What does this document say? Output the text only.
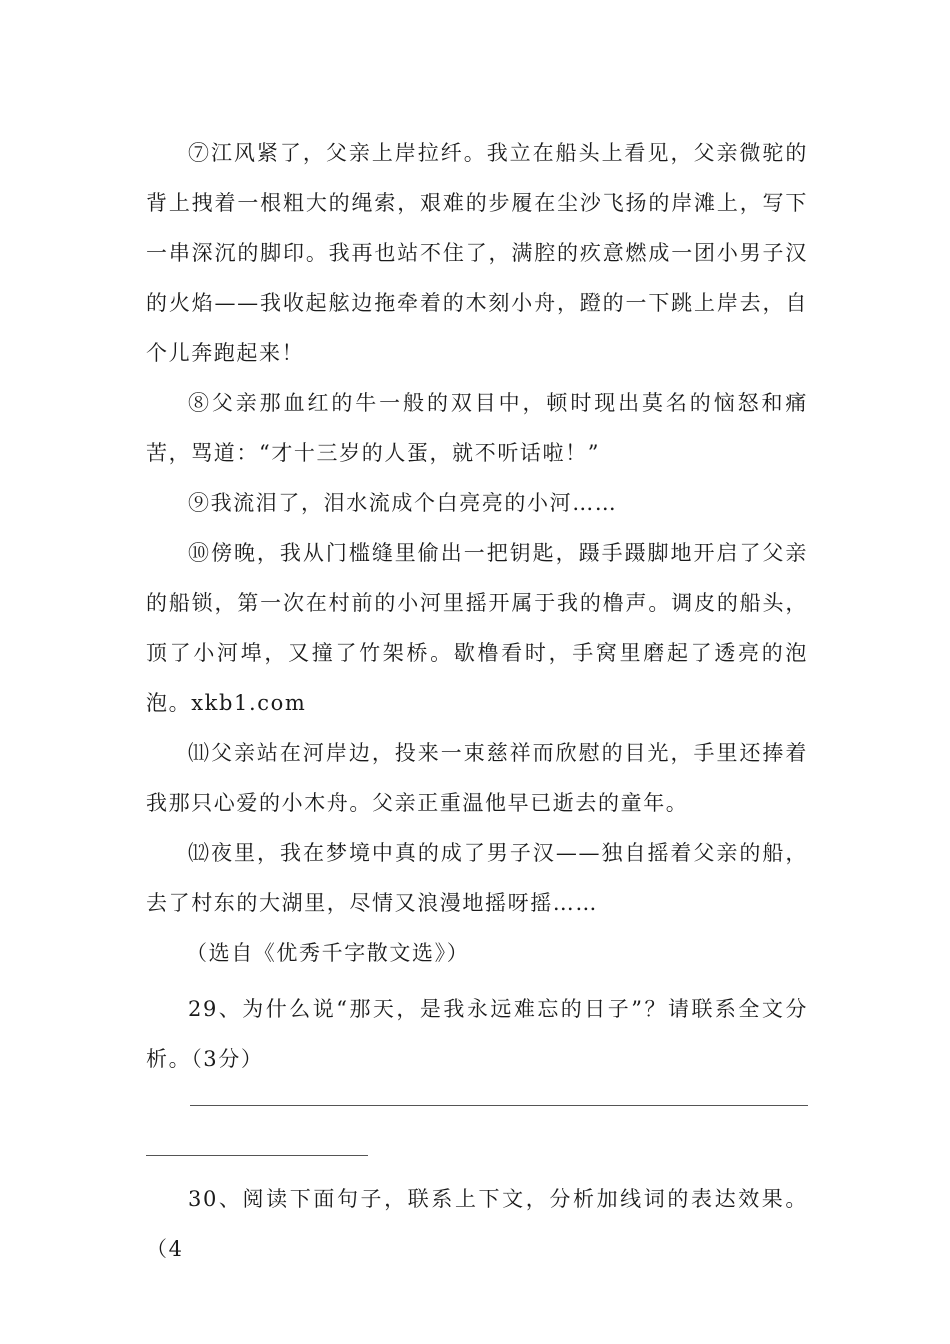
⑦江风紧了，父亲上岸拉纤。我立在船头上看见，父亲微驼的背上拽着一根粗大的绳索，艰难的步履在尘沙飞扬的岸滩上，写下一串深沉的脚印。我再也站不住了，满腔的疚意燃成一团小男子汉的火焰——我收起舷边拖牵着的木刻小舟，蹬的一下跳上岸去，自个儿奔跑起来！

⑧父亲那血红的牛一般的双目中，顿时现出莫名的恼怒和痛苦，骂道：“才十三岁的人蛋，就不听话啦！”

⑨我流泪了，泪水流成个白亮亮的小河……

⑩傍晚，我从门槛缝里偷出一把钥匙，蹑手蹑脚地开启了父亲的船锁，第一次在村前的小河里摇开属于我的橹声。调皮的船头，顶了小河埠，又撞了竹架桥。歇橹看时，手窝里磨起了透亮的泡泡。xkb1.com

⑾父亲站在河岸边，投来一束慈祥而欣慰的目光，手里还捧着我那只心爱的小木舟。父亲正重温他早已逝去的童年。

⑿夜里，我在梦境中真的成了男子汉——独自摇着父亲的船，去了村东的大湖里，尽情又浪漫地摇呀摇……

（选自《优秀千字散文选》）

29、为什么说“那天，是我永远难忘的日子”？请联系全文分析。（3分）

30、阅读下面句子，联系上下文，分析加线词的表达效果。（4
